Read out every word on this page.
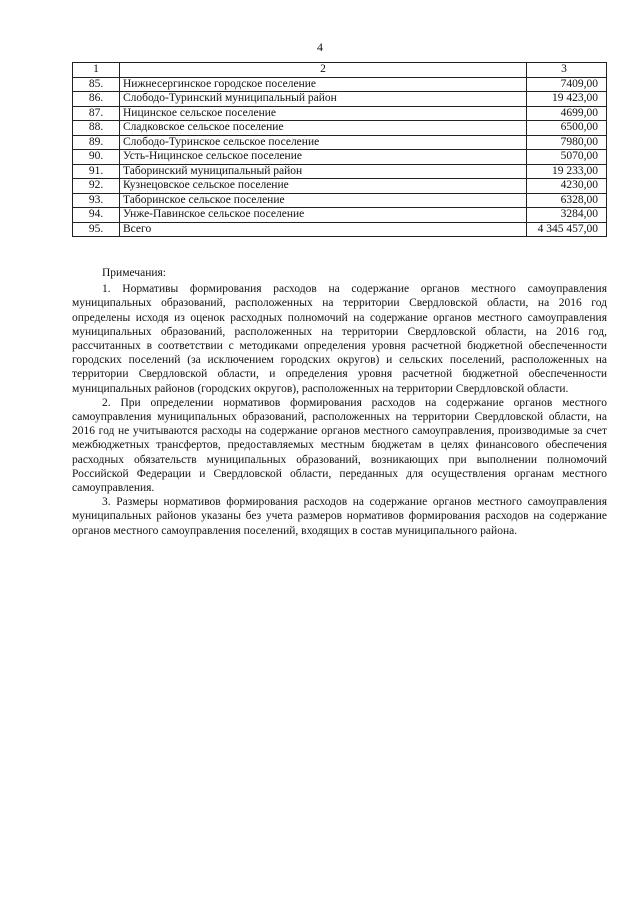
4
1	2	3
85.	Нижнесергинское городское поселение	7409,00
86.	Слободо-Туринский муниципальный район	19 423,00
87.	Ницинское сельское поселение	4699,00
88.	Сладковское сельское поселение	6500,00
89.	Слободо-Туринское сельское поселение	7980,00
90.	Усть-Ницинское сельское поселение	5070,00
91.	Таборинский муниципальный район	19 233,00
92.	Кузнецовское сельское поселение	4230,00
93.	Таборинское сельское поселение	6328,00
94.	Унже-Павинское сельское поселение	3284,00
95.	Всего	4 345 457,00

Примечания:

1. Нормативы формирования расходов на содержание органов местного самоуправления муниципальных образований, расположенных на территории Свердловской области, на 2016 год определены исходя из оценок расходных полномочий на содержание органов местного самоуправления муниципальных образований, расположенных на территории Свердловской области, на 2016 год, рассчитанных в соответствии с методиками определения уровня расчетной бюджетной обеспеченности городских поселений (за исключением городских округов) и сельских поселений, расположенных на территории Свердловской области, и определения уровня расчетной бюджетной обеспеченности муниципальных районов (городских округов), расположенных на территории Свердловской области.

2. При определении нормативов формирования расходов на содержание органов местного самоуправления муниципальных образований, расположенных на территории Свердловской области, на 2016 год не учитываются расходы на содержание органов местного самоуправления, производимые за счет межбюджетных трансфертов, предоставляемых местным бюджетам в целях финансового обеспечения расходных обязательств муниципальных образований, возникающих при выполнении полномочий Российской Федерации и Свердловской области, переданных для осуществления органам местного самоуправления.

3. Размеры нормативов формирования расходов на содержание органов местного самоуправления муниципальных районов указаны без учета размеров нормативов формирования расходов на содержание органов местного самоуправления поселений, входящих в состав муниципального района.
